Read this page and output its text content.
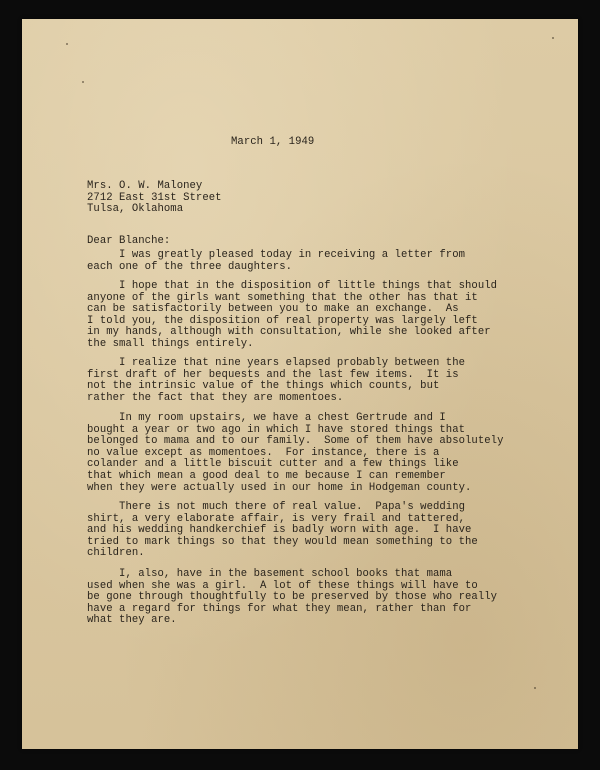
March 1, 1949
Mrs. O. W. Maloney
2712 East 31st Street
Tulsa, Oklahoma
Dear Blanche:
I was greatly pleased today in receiving a letter from
each one of the three daughters.
I hope that in the disposition of little things that should
anyone of the girls want something that the other has that it
can be satisfactorily between you to make an exchange.  As
I told you, the disposition of real property was largely left
in my hands, although with consultation, while she looked after
the small things entirely.
I realize that nine years elapsed probably between the
first draft of her bequests and the last few items.  It is
not the intrinsic value of the things which counts, but
rather the fact that they are momentoes.
In my room upstairs, we have a chest Gertrude and I
bought a year or two ago in which I have stored things that
belonged to mama and to our family.  Some of them have absolutely
no value except as momentoes.  For instance, there is a
colander and a little biscuit cutter and a few things like
that which mean a good deal to me because I can remember
when they were actually used in our home in Hodgeman county.
There is not much there of real value.  Papa's wedding
shirt, a very elaborate affair, is very frail and tattered,
and his wedding handkerchief is badly worn with age.  I have
tried to mark things so that they would mean something to the
children.
I, also, have in the basement school books that mama
used when she was a girl.  A lot of these things will have to
be gone through thoughtfully to be preserved by those who really
have a regard for things for what they mean, rather than for
what they are.
